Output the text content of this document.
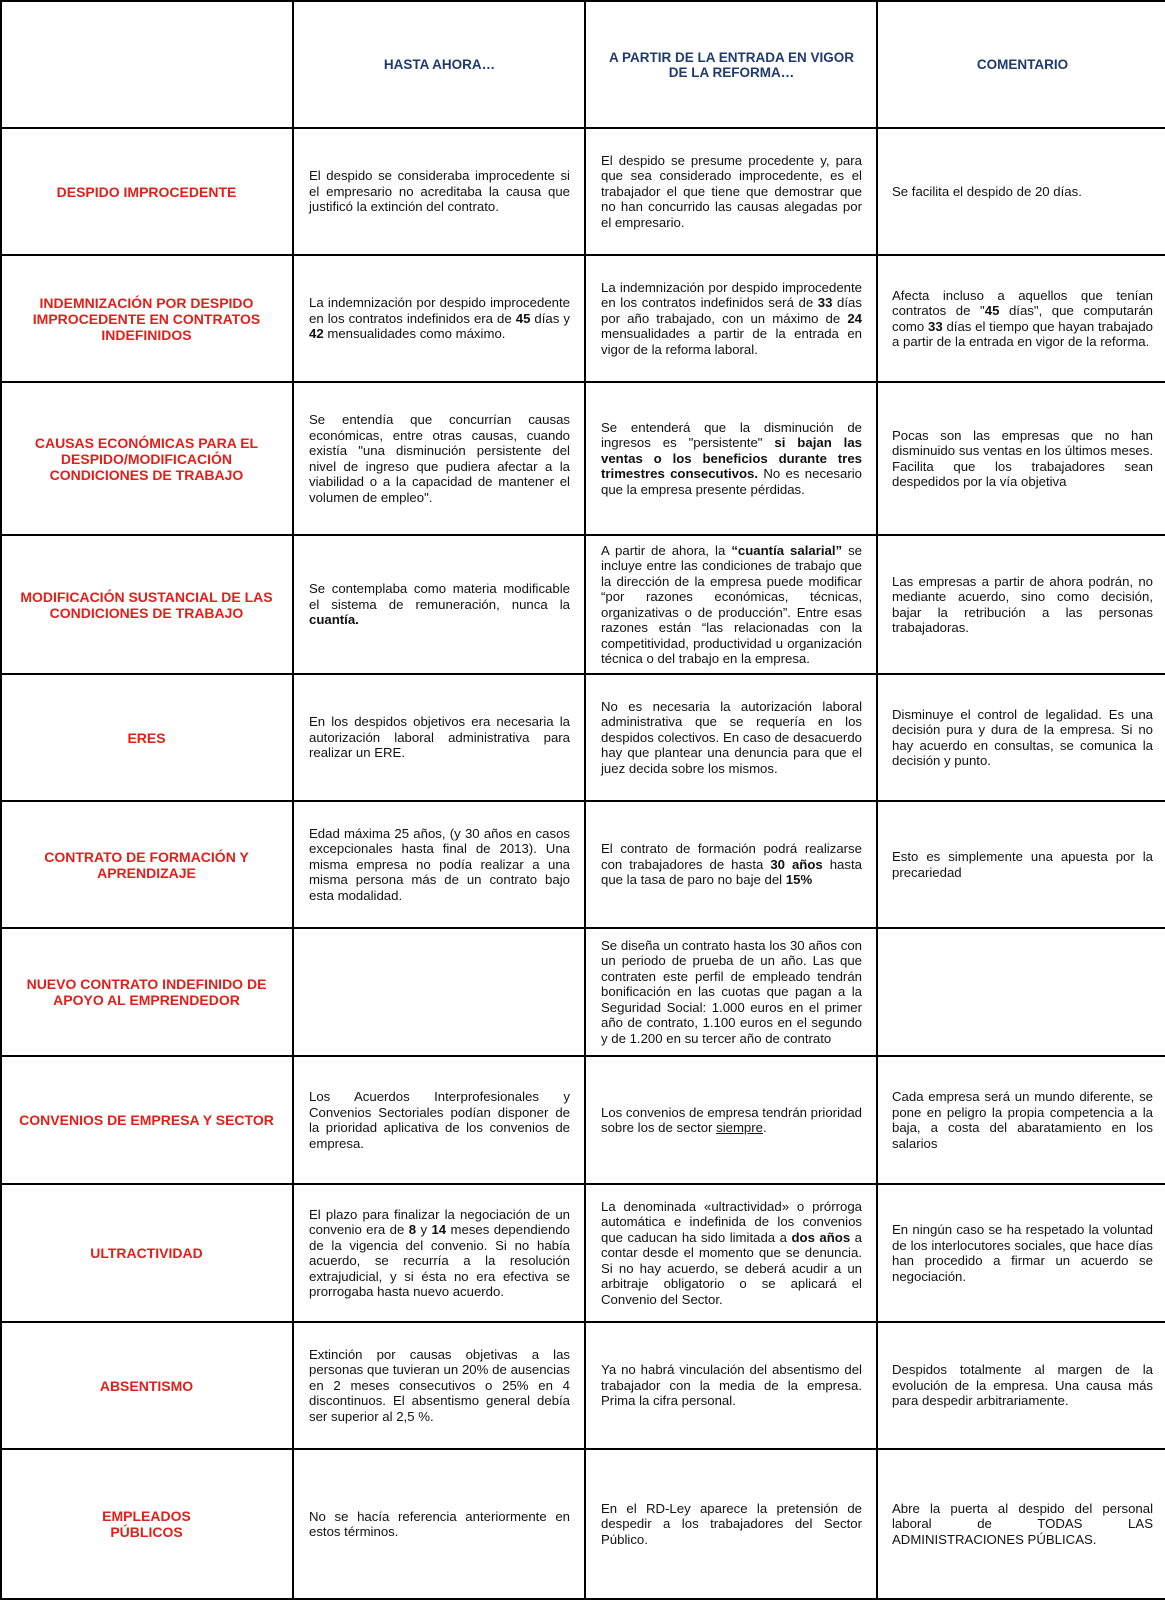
HASTA AHORA…	A PARTIR DE LA ENTRADA EN VIGOR DE LA REFORMA…	COMENTARIO
DESPIDO IMPROCEDENTE
El despido se consideraba improcedente si el empresario no acreditaba la causa que justificó la extinción del contrato.
El despido se presume procedente y, para que sea considerado improcedente, es el trabajador el que tiene que demostrar que no han concurrido las causas alegadas por el empresario.
Se facilita el despido de 20 días.
INDEMNIZACIÓN POR DESPIDO
IMPROCEDENTE EN CONTRATOS
INDEFINIDOS
La indemnización por despido improcedente en los contratos indefinidos era de 45 días y 42 mensualidades como máximo.
La indemnización por despido improcedente en los contratos indefinidos será de 33 días por año trabajado, con un máximo de 24 mensualidades a partir de la entrada en vigor de la reforma laboral.
Afecta incluso a aquellos que tenían contratos de "45 días", que computarán como 33 días el tiempo que hayan trabajado a partir de la entrada en vigor de la reforma.
CAUSAS ECONÓMICAS PARA EL
DESPIDO/MODIFICACIÓN
CONDICIONES DE TRABAJO
Se entendía que concurrían causas económicas, entre otras causas, cuando existía "una disminución persistente del nivel de ingreso que pudiera afectar a la viabilidad o a la capacidad de mantener el volumen de empleo".
Se entenderá que la disminución de ingresos es "persistente" si bajan las ventas o los beneficios durante tres trimestres consecutivos. No es necesario que la empresa presente pérdidas.
Pocas son las empresas que no han disminuido sus ventas en los últimos meses. Facilita que los trabajadores sean despedidos por la vía objetiva
MODIFICACIÓN SUSTANCIAL DE LAS
CONDICIONES DE TRABAJO
Se contemplaba como materia modificable el sistema de remuneración, nunca la cuantía.
A partir de ahora, la “cuantía salarial” se incluye entre las condiciones de trabajo que la dirección de la empresa puede modificar “por razones económicas, técnicas, organizativas o de producción”. Entre esas razones están “las relacionadas con la competitividad, productividad u organización técnica o del trabajo en la empresa.
Las empresas a partir de ahora podrán, no mediante acuerdo, sino como decisión, bajar la retribución a las personas trabajadoras.
ERES
En los despidos objetivos era necesaria la autorización laboral administrativa para realizar un ERE.
No es necesaria la autorización laboral administrativa que se requería en los despidos colectivos. En caso de desacuerdo hay que plantear una denuncia para que el juez decida sobre los mismos.
Disminuye el control de legalidad. Es una decisión pura y dura de la empresa. Si no hay acuerdo en consultas, se comunica la decisión y punto.
CONTRATO DE FORMACIÓN Y
APRENDIZAJE
Edad máxima 25 años, (y 30 años en casos excepcionales hasta final de 2013). Una misma empresa no podía realizar a una misma persona más de un contrato bajo esta modalidad.
El contrato de formación podrá realizarse con trabajadores de hasta 30 años hasta que la tasa de paro no baje del 15%
Esto es simplemente una apuesta por la precariedad
NUEVO CONTRATO INDEFINIDO DE
APOYO AL EMPRENDEDOR
Se diseña un contrato hasta los 30 años con un periodo de prueba de un año. Las que contraten este perfil de empleado tendrán bonificación en las cuotas que pagan a la Seguridad Social: 1.000 euros en el primer año de contrato, 1.100 euros en el segundo y de 1.200 en su tercer año de contrato
CONVENIOS DE EMPRESA Y SECTOR
Los Acuerdos Interprofesionales y Convenios Sectoriales podían disponer de la prioridad aplicativa de los convenios de empresa.
Los convenios de empresa tendrán prioridad sobre los de sector siempre.
Cada empresa será un mundo diferente, se pone en peligro la propia competencia a la baja, a costa del abaratamiento en los salarios
ULTRACTIVIDAD
El plazo para finalizar la negociación de un convenio era de 8 y 14 meses dependiendo de la vigencia del convenio. Si no había acuerdo, se recurría a la resolución extrajudicial, y si ésta no era efectiva se prorrogaba hasta nuevo acuerdo.
La denominada «ultractividad» o prórroga automática e indefinida de los convenios que caducan ha sido limitada a dos años a contar desde el momento que se denuncia. Si no hay acuerdo, se deberá acudir a un arbitraje obligatorio o se aplicará el Convenio del Sector.
En ningún caso se ha respetado la voluntad de los interlocutores sociales, que hace días han procedido a firmar un acuerdo se negociación.
ABSENTISMO
Extinción por causas objetivas a las personas que tuvieran un 20% de ausencias en 2 meses consecutivos o 25% en 4 discontinuos. El absentismo general debía ser superior al 2,5 %.
Ya no habrá vinculación del absentismo del trabajador con la media de la empresa. Prima la cifra personal.
Despidos totalmente al margen de la evolución de la empresa. Una causa más para despedir arbitrariamente.
EMPLEADOS
PÚBLICOS
No se hacía referencia anteriormente en estos términos.
En el RD-Ley aparece la pretensión de despedir a los trabajadores del Sector Público.
Abre la puerta al despido del personal laboral de TODAS LAS ADMINISTRACIONES PÚBLICAS.
